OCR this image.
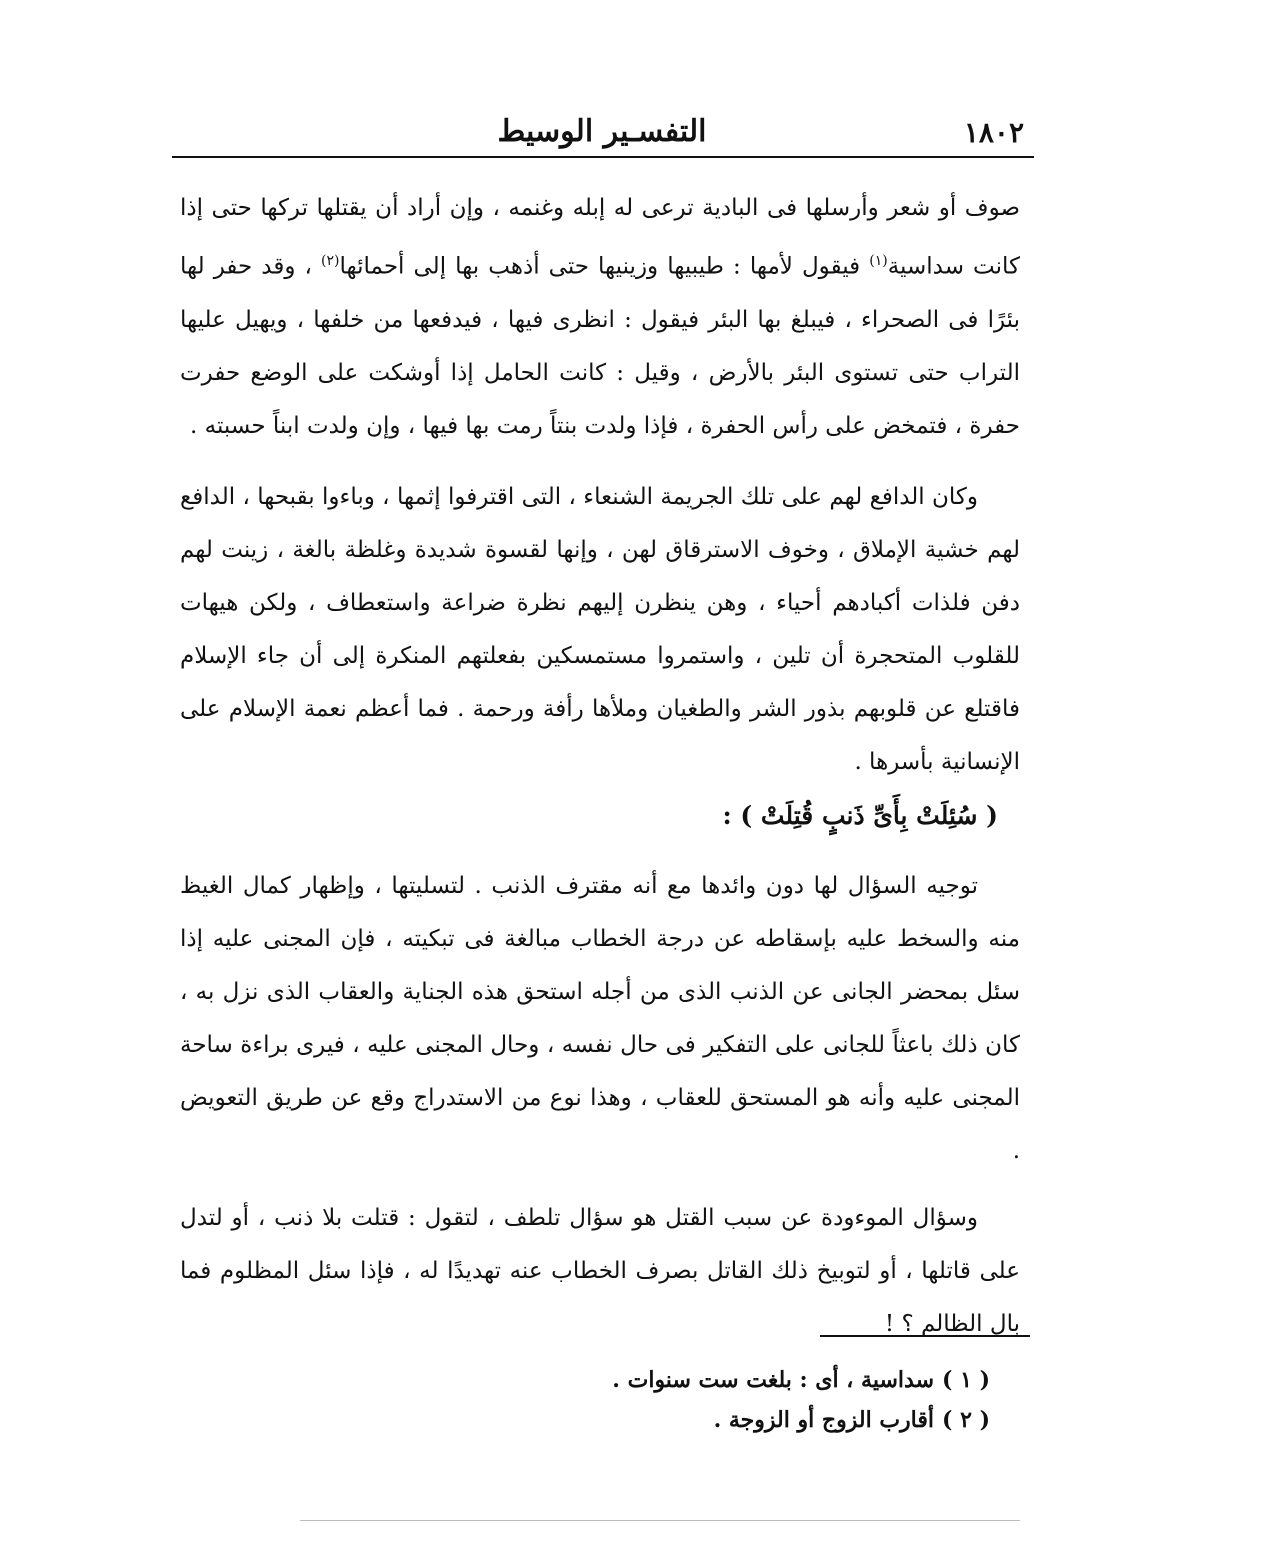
١٨٠٢
التفسـير الوسيط

صوف أو شعر وأرسلها فى البادية ترعى له إبله وغنمه ، وإن أراد أن يقتلها تركها حتى إذا كانت سداسية$^{(١)}$ فيقول لأمها : طيبيها وزينيها حتى أذهب بها إلى أحمائها$^{(٢)}$ ، وقد حفر لها بئرًا فى الصحراء ، فيبلغ بها البئر فيقول : انظرى فيها ، فيدفعها من خلفها ، ويهيل عليها التراب حتى تستوى البئر بالأرض ، وقيل : كانت الحامل إذا أوشكت على الوضع حفرت حفرة ، فتمخض على رأس الحفرة ، فإذا ولدت بنتاً رمت بها فيها ، وإن ولدت ابناً حسبته .

وكان الدافع لهم على تلك الجريمة الشنعاء ، التى اقترفوا إثمها ، وباءوا بقبحها ، الدافع لهم خشية الإملاق ، وخوف الاسترقاق لهن ، وإنها لقسوة شديدة وغلظة بالغة ، زينت لهم دفن فلذات أكبادهم أحياء ، وهن ينظرن إليهم نظرة ضراعة واستعطاف ، ولكن هيهات للقلوب المتحجرة أن تلين ، واستمروا مستمسكين بفعلتهم المنكرة إلى أن جاء الإسلام فاقتلع عن قلوبهم بذور الشر والطغيان وملأها رأفة ورحمة . فما أعظم نعمة الإسلام على الإنسانية بأسرها .

( سُئِلَتْ بِأَىِّ ذَنبٍ قُتِلَتْ ) :

توجيه السؤال لها دون وائدها مع أنه مقترف الذنب . لتسليتها ، وإظهار كمال الغيظ منه والسخط عليه بإسقاطه عن درجة الخطاب مبالغة فى تبكيته ، فإن المجنى عليه إذا سئل بمحضر الجانى عن الذنب الذى من أجله استحق هذه الجناية والعقاب الذى نزل به ، كان ذلك باعثاً للجانى على التفكير فى حال نفسه ، وحال المجنى عليه ، فيرى براءة ساحة المجنى عليه وأنه هو المستحق للعقاب ، وهذا نوع من الاستدراج وقع عن طريق التعويض .

وسؤال الموءودة عن سبب القتل هو سؤال تلطف ، لتقول : قتلت بلا ذنب ، أو لتدل على قاتلها ، أو لتوبيخ ذلك القاتل بصرف الخطاب عنه تهديدًا له ، فإذا سئل المظلوم فما بال الظالم ؟ !

( ١ )سداسية ، أى : بلغت ست سنوات .

( ٢ )أقارب الزوج أو الزوجة .
